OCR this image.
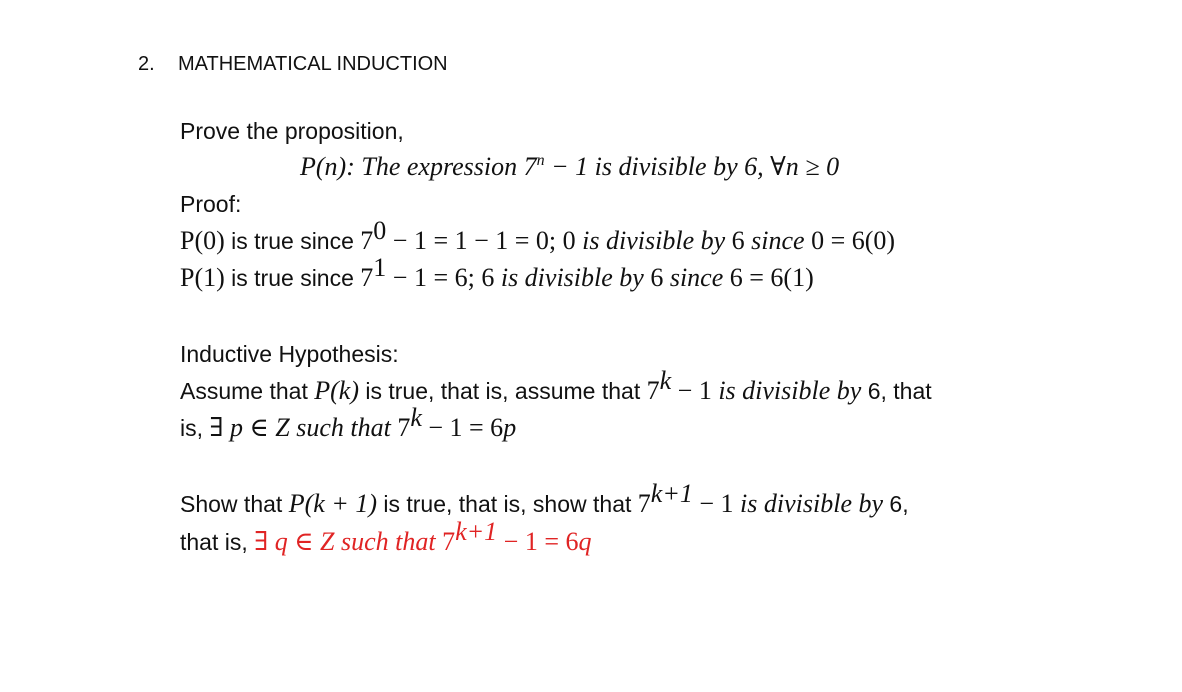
2. MATHEMATICAL INDUCTION
Prove the proposition,
P(n): The expression $7^n - 1$ is divisible by 6, ∀n ≥ 0
Proof:
P(0) is true since $7^0 - 1 = 1 - 1 = 0$; 0 is divisible by 6 since 0 = 6(0)
P(1) is true since $7^1 - 1 = 6$; 6 is divisible by 6 since 6 = 6(1)
Inductive Hypothesis:
Assume that P(k) is true, that is, assume that $7^k - 1$ is divisible by 6, that
is, ∃ p ∈ Z such that $7^k - 1 = 6p$
Show that P(k + 1) is true, that is, show that $7^{k+1} - 1$ is divisible by 6,
that is, ∃ q ∈ Z such that $7^{k+1} - 1 = 6q$
